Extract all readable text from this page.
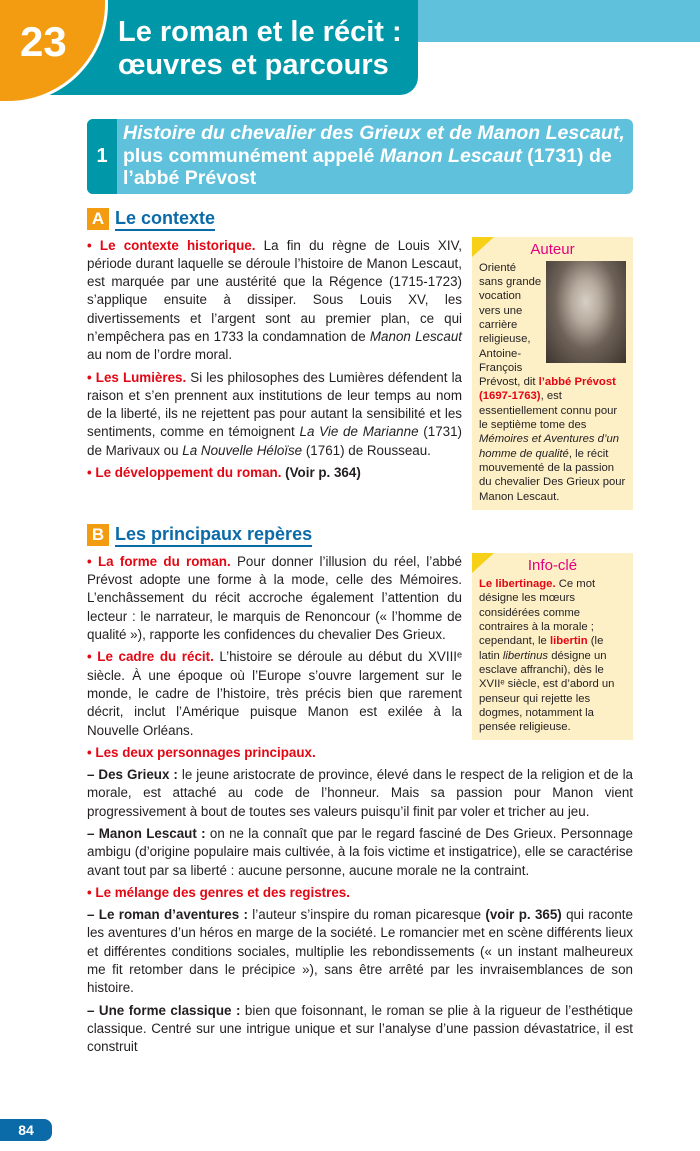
23 Le roman et le récit :
œuvres et parcours
1
Histoire du chevalier des Grieux et de Manon Lescaut, plus communément appelé Manon Lescaut (1731) de l’abbé Prévost
A Le contexte

• Le contexte historique. La fin du règne de Louis XIV, période durant laquelle se déroule l’histoire de Manon Lescaut, est marquée par une austérité que la Régence (1715-1723) s’applique ensuite à dissiper. Sous Louis XV, les divertissements et l’argent sont au premier plan, ce qui n’empêchera pas en 1733 la condamnation de Manon Lescaut au nom de l’ordre moral.

• Les Lumières. Si les philosophes des Lumières défendent la raison et s’en prennent aux institutions de leur temps au nom de la liberté, ils ne rejettent pas pour autant la sensibilité et les sentiments, comme en témoignent La Vie de Marianne (1731) de Marivaux ou La Nouvelle Héloïse (1761) de Rousseau.

• Le développement du roman. (Voir p. 364)

Auteur
Orienté sans grande vocation vers une carrière religieuse, Antoine-François Prévost, dit l’abbé Prévost (1697-1763), est essentiellement connu pour le septième tome des Mémoires et Aventures d’un homme de qualité, le récit mouvementé de la passion du chevalier Des Grieux pour Manon Lescaut.
B Les principaux repères

• La forme du roman. Pour donner l’illusion du réel, l’abbé Prévost adopte une forme à la mode, celle des Mémoires. L’enchâssement du récit accroche également l’attention du lecteur : le narrateur, le marquis de Renoncour (« l’homme de qualité »), rapporte les confidences du chevalier Des Grieux.

• Le cadre du récit. L’histoire se déroule au début du XVIIIᵉ siècle. À une époque où l’Europe s’ouvre largement sur le monde, le cadre de l’histoire, très précis bien que rarement décrit, inclut l’Amérique puisque Manon est exilée à la Nouvelle Orléans.

• Les deux personnages principaux.

Info-clé
Le libertinage. Ce mot désigne les mœurs considérées comme contraires à la morale ; cependant, le libertin (le latin libertinus désigne un esclave affranchi), dès le XVIIᵉ siècle, est d’abord un penseur qui rejette les dogmes, notamment la pensée religieuse.

– Des Grieux : le jeune aristocrate de province, élevé dans le respect de la religion et de la morale, est attaché au code de l’honneur. Mais sa passion pour Manon vient progressivement à bout de toutes ses valeurs puisqu’il finit par voler et tricher au jeu.

– Manon Lescaut : on ne la connaît que par le regard fasciné de Des Grieux. Personnage ambigu (d’origine populaire mais cultivée, à la fois victime et instigatrice), elle se caractérise avant tout par sa liberté : aucune personne, aucune morale ne la contraint.

• Le mélange des genres et des registres.

– Le roman d’aventures : l’auteur s’inspire du roman picaresque (voir p. 365) qui raconte les aventures d’un héros en marge de la société. Le romancier met en scène différents lieux et différentes conditions sociales, multiplie les rebondissements (« un instant malheureux me fit retomber dans le précipice »), sans être arrêté par les invraisemblances de son histoire.

– Une forme classique : bien que foisonnant, le roman se plie à la rigueur de l’esthétique classique. Centré sur une intrigue unique et sur l’analyse d’une passion dévastatrice, il est construit

84
